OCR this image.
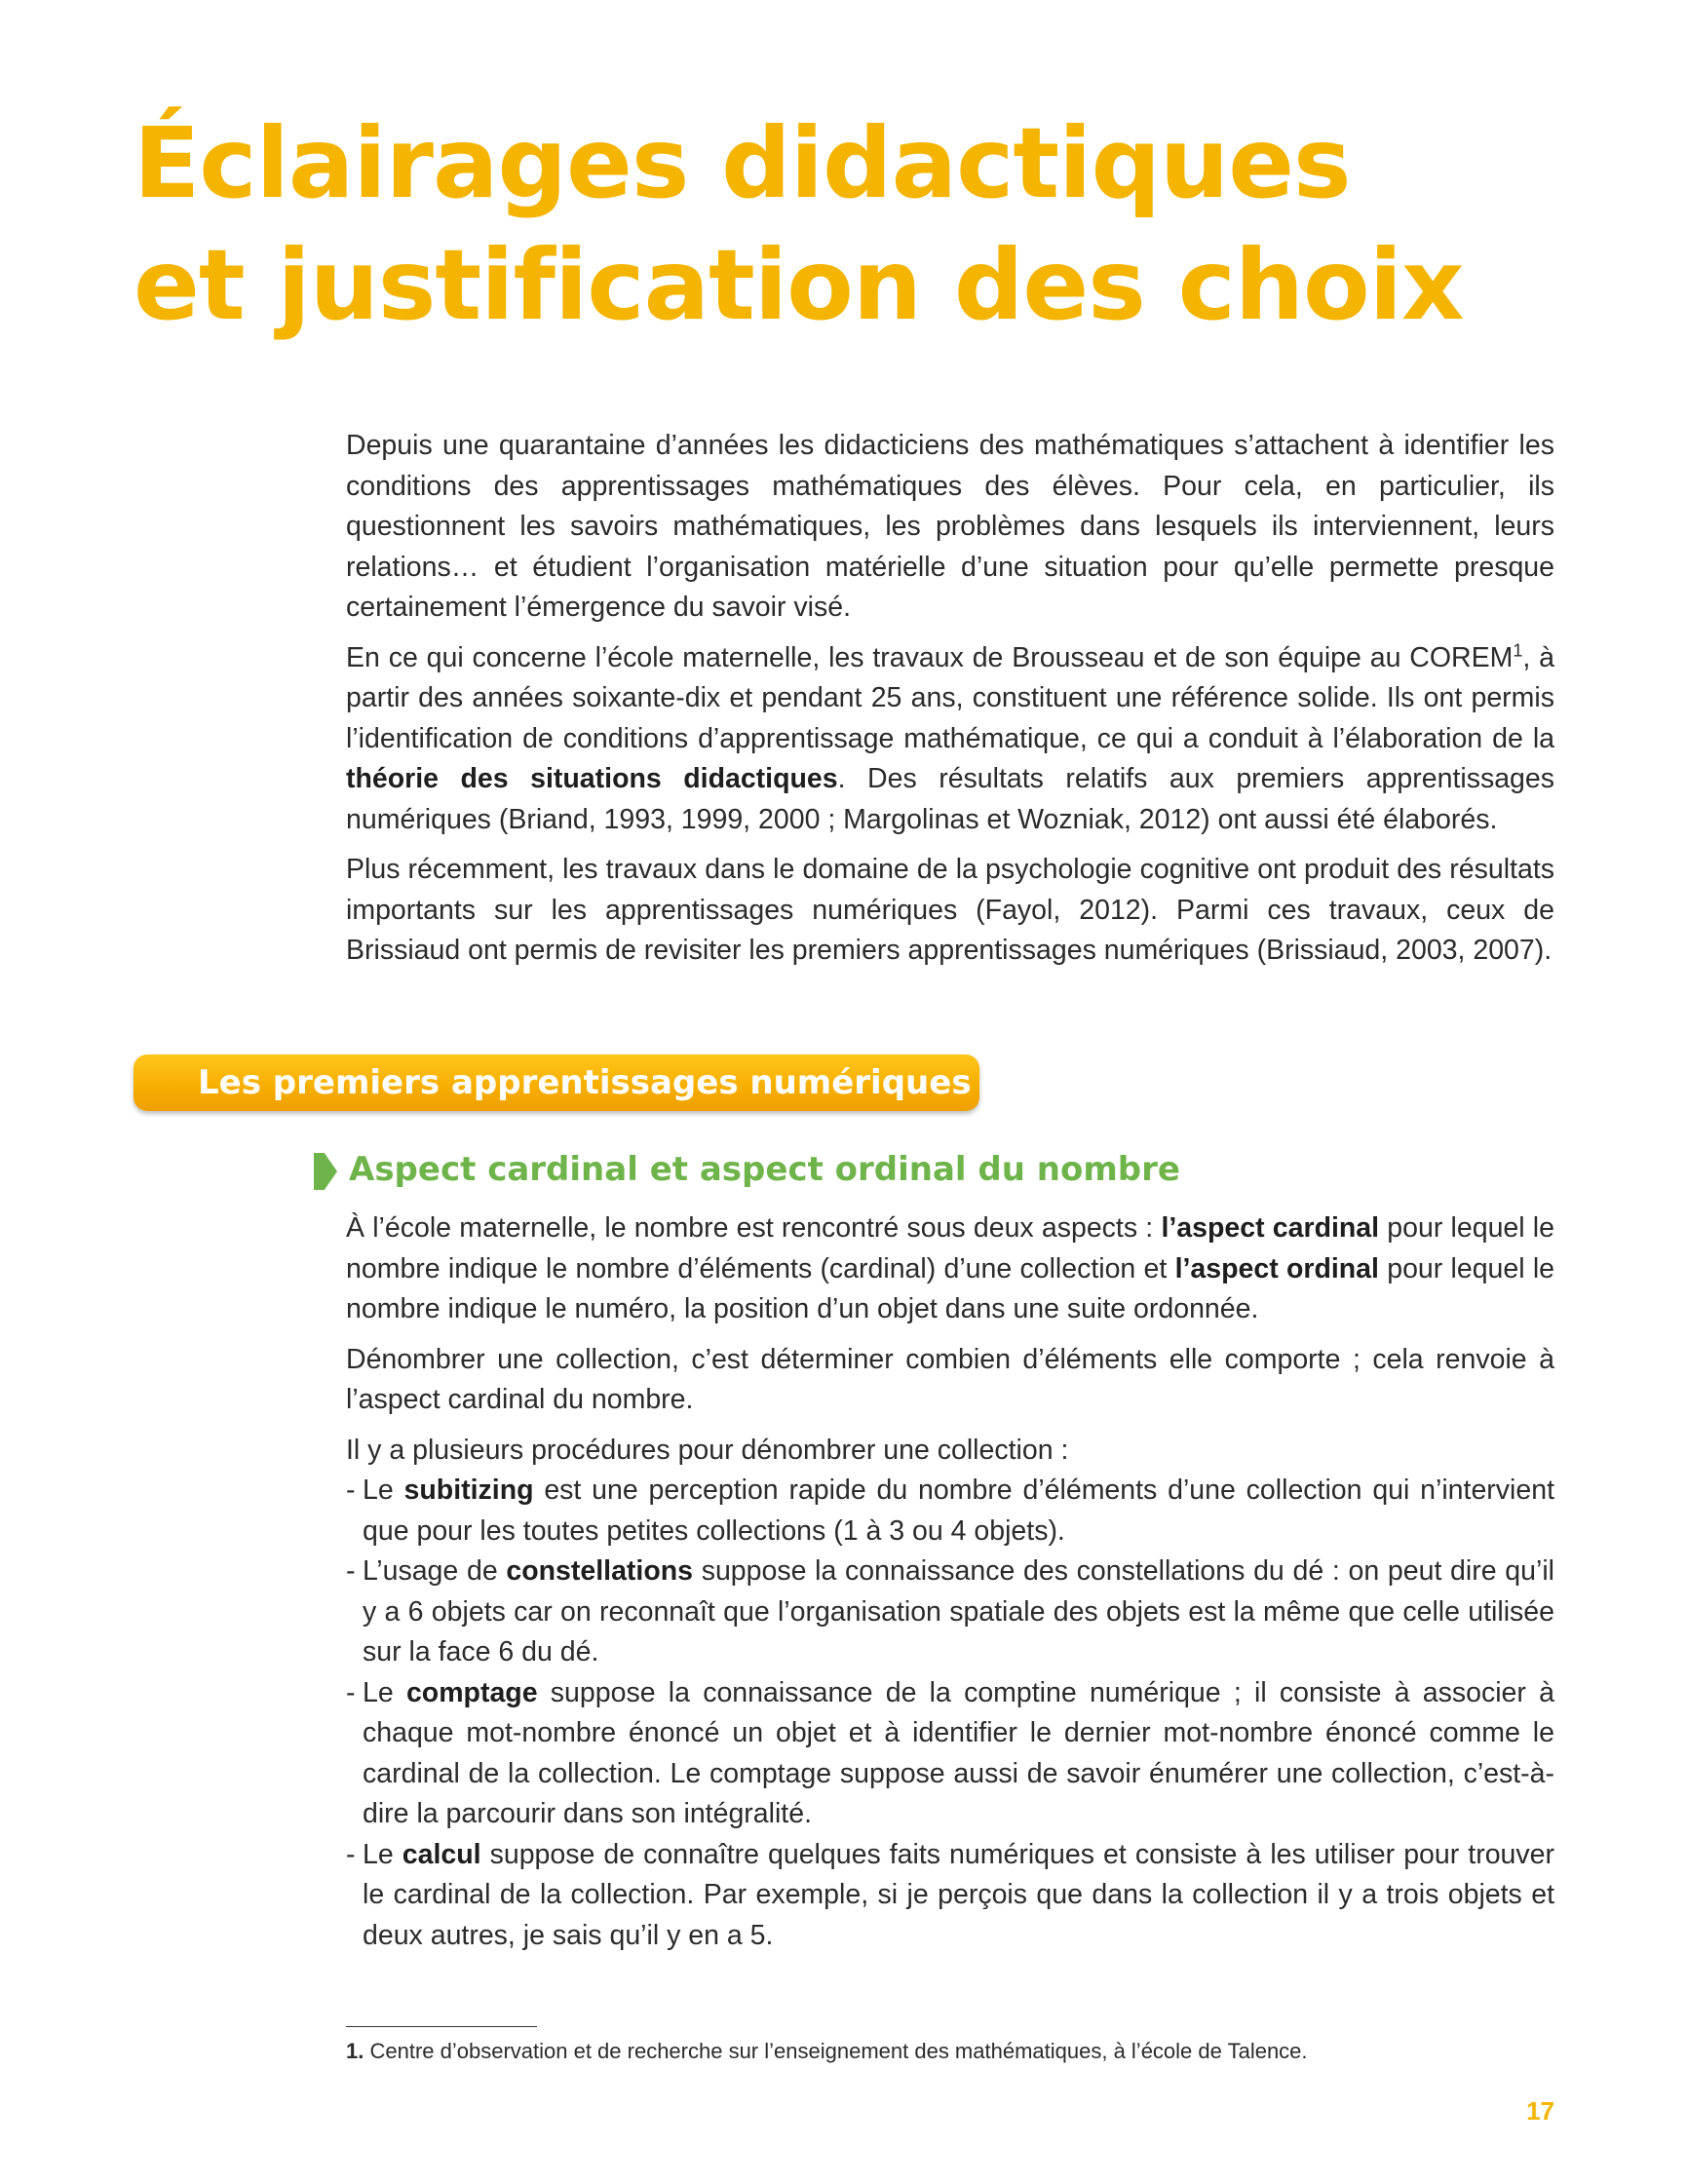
Éclairages didactiques
et justification des choix

Depuis une quarantaine d’années les didacticiens des mathématiques s’attachent à identifier les conditions des apprentissages mathématiques des élèves. Pour cela, en particulier, ils questionnent les savoirs mathématiques, les problèmes dans lesquels ils interviennent, leurs relations… et étudient l’organisation matérielle d’une situation pour qu’elle permette presque certainement l’émergence du savoir visé.

En ce qui concerne l’école maternelle, les travaux de Brousseau et de son équipe au COREM$^1$, à partir des années soixante-dix et pendant 25 ans, constituent une référence solide. Ils ont permis l’identification de conditions d’apprentissage mathématique, ce qui a conduit à l’élaboration de la théorie des situations didactiques. Des résultats relatifs aux premiers apprentissages numériques (Briand, 1993, 1999, 2000 ; Margolinas et Wozniak, 2012) ont aussi été élaborés.

Plus récemment, les travaux dans le domaine de la psychologie cognitive ont produit des résultats importants sur les apprentissages numériques (Fayol, 2012). Parmi ces travaux, ceux de Brissiaud ont permis de revisiter les premiers apprentissages numériques (Brissiaud, 2003, 2007).

Les premiers apprentissages numériques
Aspect cardinal et aspect ordinal du nombre

À l’école maternelle, le nombre est rencontré sous deux aspects : l’aspect cardinal pour lequel le nombre indique le nombre d’éléments (cardinal) d’une collection et l’aspect ordinal pour lequel le nombre indique le numéro, la position d’un objet dans une suite ordonnée.

Dénombrer une collection, c’est déterminer combien d’éléments elle comporte ; cela renvoie à l’aspect cardinal du nombre.

Il y a plusieurs procédures pour dénombrer une collection :

- Le subitizing est une perception rapide du nombre d’éléments d’une collection qui n’intervient que pour les toutes petites collections (1 à 3 ou 4 objets).
- L’usage de constellations suppose la connaissance des constellations du dé : on peut dire qu’il y a 6 objets car on reconnaît que l’organisation spatiale des objets est la même que celle utilisée sur la face 6 du dé.
- Le comptage suppose la connaissance de la comptine numérique ; il consiste à associer à chaque mot-nombre énoncé un objet et à identifier le dernier mot-nombre énoncé comme le cardinal de la collection. Le comptage suppose aussi de savoir énumérer une collection, c’est-à-dire la parcourir dans son intégralité.
- Le calcul suppose de connaître quelques faits numériques et consiste à les utiliser pour trouver le cardinal de la collection. Par exemple, si je perçois que dans la collection il y a trois objets et deux autres, je sais qu’il y en a 5.
1. Centre d’observation et de recherche sur l’enseignement des mathématiques, à l’école de Talence.
17
